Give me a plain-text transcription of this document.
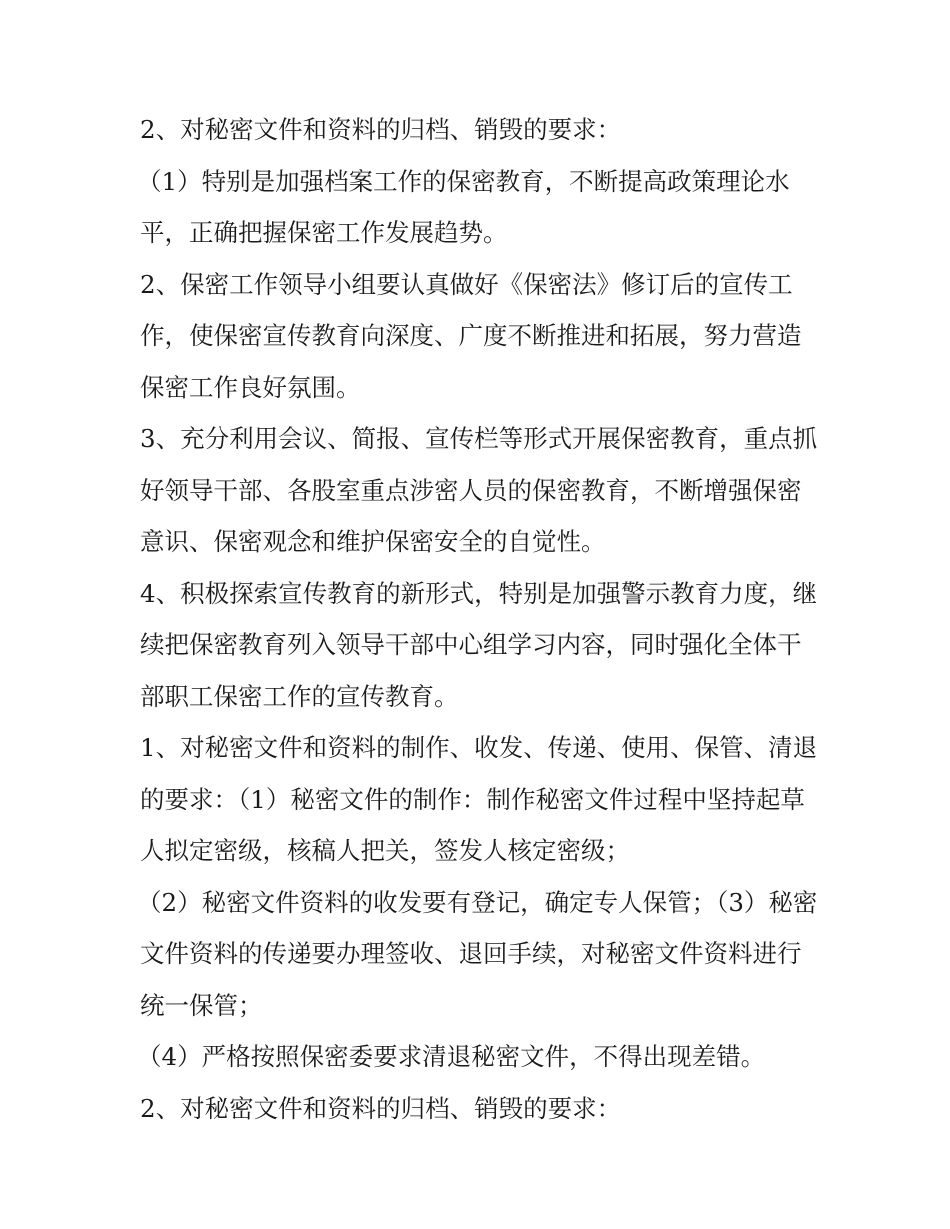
2、对秘密文件和资料的归档、销毁的要求：

（1）特别是加强档案工作的保密教育，不断提高政策理论水平，正确把握保密工作发展趋势。

2、保密工作领导小组要认真做好《保密法》修订后的宣传工作，使保密宣传教育向深度、广度不断推进和拓展，努力营造保密工作良好氛围。

3、充分利用会议、简报、宣传栏等形式开展保密教育，重点抓好领导干部、各股室重点涉密人员的保密教育，不断增强保密意识、保密观念和维护保密安全的自觉性。

4、积极探索宣传教育的新形式，特别是加强警示教育力度，继续把保密教育列入领导干部中心组学习内容，同时强化全体干部职工保密工作的宣传教育。

1、对秘密文件和资料的制作、收发、传递、使用、保管、清退的要求：（1）秘密文件的制作：制作秘密文件过程中坚持起草人拟定密级，核稿人把关，签发人核定密级；

（2）秘密文件资料的收发要有登记，确定专人保管；（3）秘密文件资料的传递要办理签收、退回手续，对秘密文件资料进行统一保管；

（4）严格按照保密委要求清退秘密文件，不得出现差错。

2、对秘密文件和资料的归档、销毁的要求：
